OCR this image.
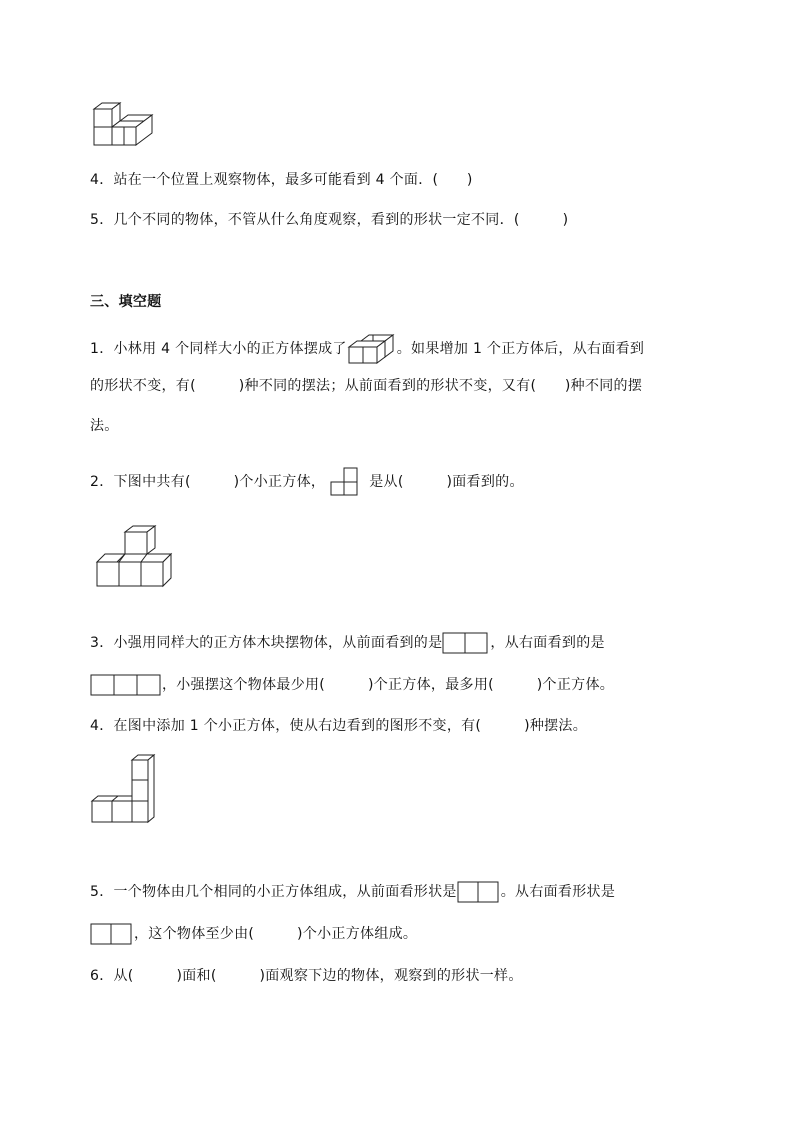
4．站在一个位置上观察物体，最多可能看到 4 个面．(　　)
5．几个不同的物体，不管从什么角度观察，看到的形状一定不同．(　　　)
三、填空题
1．小林用 4 个同样大小的正方体摆成了	。如果增加 1 个正方体后，从右面看到
的形状不变，有(　　　)种不同的摆法；从前面看到的形状不变，又有(　　)种不同的摆
法。
2．下图中共有(　　　)个小正方体，	是从(　　　)面看到的。
3．小强用同样大的正方体木块摆物体，从前面看到的是	，从右面看到的是
，小强摆这个物体最少用(　　　)个正方体，最多用(　　　)个正方体。
4．在图中添加 1 个小正方体，使从右边看到的图形不变，有(　　　)种摆法。
5．一个物体由几个相同的小正方体组成，从前面看形状是	。从右面看形状是
，这个物体至少由(　　　)个小正方体组成。
6．从(　　　)面和(　　　)面观察下边的物体，观察到的形状一样。
